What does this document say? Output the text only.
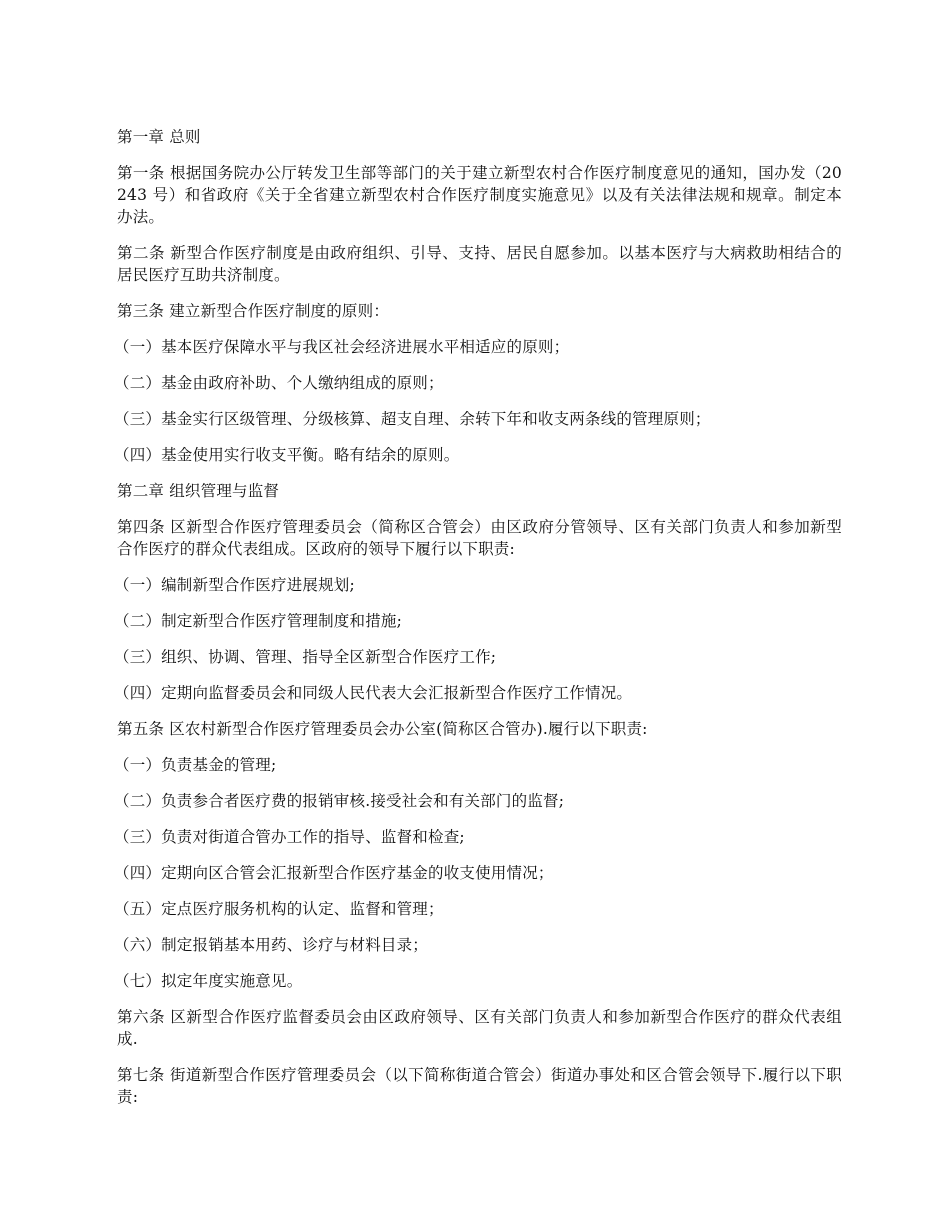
第一章 总则

第一条 根据国务院办公厅转发卫生部等部门的关于建立新型农村合作医疗制度意见的通知，国办发（20243 号）和省政府《关于全省建立新型农村合作医疗制度实施意见》以及有关法律法规和规章。制定本办法。

第二条 新型合作医疗制度是由政府组织、引导、支持、居民自愿参加。以基本医疗与大病救助相结合的居民医疗互助共济制度。

第三条 建立新型合作医疗制度的原则：

（一）基本医疗保障水平与我区社会经济进展水平相适应的原则；

（二）基金由政府补助、个人缴纳组成的原则；

（三）基金实行区级管理、分级核算、超支自理、余转下年和收支两条线的管理原则；

（四）基金使用实行收支平衡。略有结余的原则。

第二章 组织管理与监督

第四条 区新型合作医疗管理委员会（简称区合管会）由区政府分管领导、区有关部门负责人和参加新型合作医疗的群众代表组成。区政府的领导下履行以下职责:

（一）编制新型合作医疗进展规划;

（二）制定新型合作医疗管理制度和措施;

（三）组织、协调、管理、指导全区新型合作医疗工作;

（四）定期向监督委员会和同级人民代表大会汇报新型合作医疗工作情况。

第五条 区农村新型合作医疗管理委员会办公室(简称区合管办).履行以下职责:

（一）负责基金的管理;

（二）负责参合者医疗费的报销审核.接受社会和有关部门的监督;

（三）负责对街道合管办工作的指导、监督和检查;

（四）定期向区合管会汇报新型合作医疗基金的收支使用情况；

（五）定点医疗服务机构的认定、监督和管理；

（六）制定报销基本用药、诊疗与材料目录；

（七）拟定年度实施意见。

第六条 区新型合作医疗监督委员会由区政府领导、区有关部门负责人和参加新型合作医疗的群众代表组成.

第七条 街道新型合作医疗管理委员会（以下简称街道合管会）街道办事处和区合管会领导下.履行以下职责:
